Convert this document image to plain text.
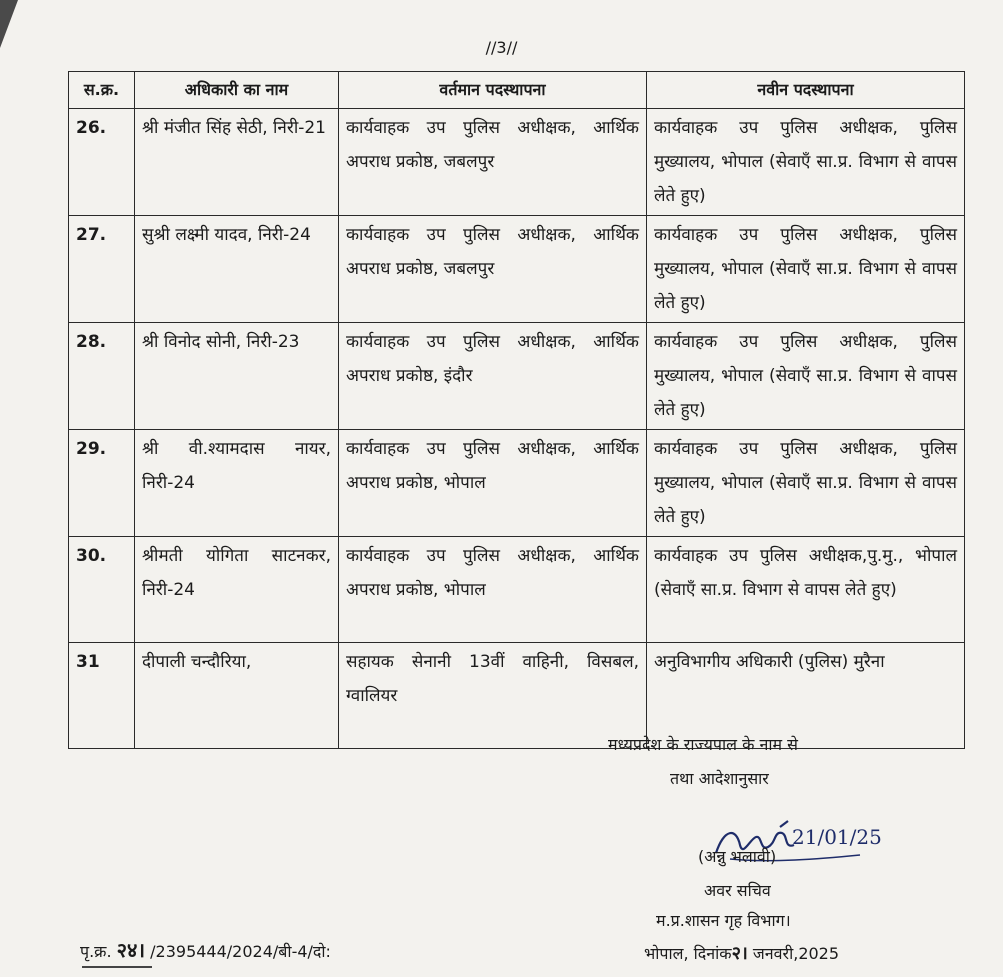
//3//
स.क्र.	अधिकारी का नाम	वर्तमान पदस्थापना	नवीन पदस्थापना
26.	श्री मंजीत सिंह सेठी, निरी-21	कार्यवाहक उप पुलिस अधीक्षक, आर्थिक अपराध प्रकोष्ठ, जबलपुर	कार्यवाहक उप पुलिस अधीक्षक, पुलिस मुख्यालय, भोपाल (सेवाएँ सा.प्र. विभाग से वापस लेते हुए)
27.	सुश्री लक्ष्मी यादव, निरी-24	कार्यवाहक उप पुलिस अधीक्षक, आर्थिक अपराध प्रकोष्ठ, जबलपुर	कार्यवाहक उप पुलिस अधीक्षक, पुलिस मुख्यालय, भोपाल (सेवाएँ सा.प्र. विभाग से वापस लेते हुए)
28.	श्री विनोद सोनी, निरी-23	कार्यवाहक उप पुलिस अधीक्षक, आर्थिक अपराध प्रकोष्ठ, इंदौर	कार्यवाहक उप पुलिस अधीक्षक, पुलिस मुख्यालय, भोपाल (सेवाएँ सा.प्र. विभाग से वापस लेते हुए)
29.	श्री वी.श्यामदास नायर, निरी-24	कार्यवाहक उप पुलिस अधीक्षक, आर्थिक अपराध प्रकोष्ठ, भोपाल	कार्यवाहक उप पुलिस अधीक्षक, पुलिस मुख्यालय, भोपाल (सेवाएँ सा.प्र. विभाग से वापस लेते हुए)
30.	श्रीमती योगिता साटनकर, निरी-24	कार्यवाहक उप पुलिस अधीक्षक, आर्थिक अपराध प्रकोष्ठ, भोपाल	कार्यवाहक उप पुलिस अधीक्षक,पु.मु., भोपाल (सेवाएँ सा.प्र. विभाग से वापस लेते हुए)
31	दीपाली चन्दौरिया,	सहायक सेनानी 13वीं वाहिनी, विसबल, ग्वालियर	अनुविभागीय अधिकारी (पुलिस) मुरैना
मध्यप्रदेश के राज्यपाल के नाम से
तथा आदेशानुसार
21/01/25
(अन्नु भलावी)
अवर सचिव
म.प्र.शासन गृह विभाग।
भोपाल, दिनांक२। जनवरी,2025
पृ.क्र. २४। /2395444/2024/बी-4/दो:
